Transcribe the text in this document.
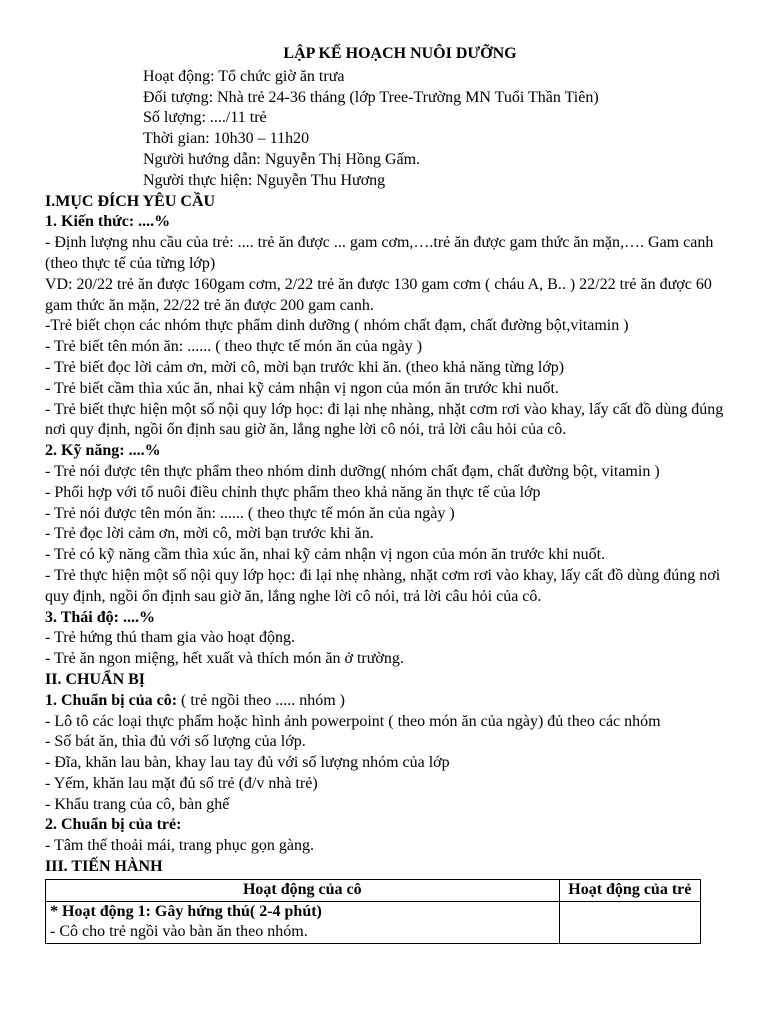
LẬP KẾ HOẠCH NUÔI DƯỠNG
Hoạt động: Tổ chức giờ ăn trưa
Đối tượng: Nhà trẻ 24-36 tháng (lớp Tree-Trường MN Tuổi Thần Tiên)
Số lượng: ..../11 trẻ
Thời gian: 10h30 – 11h20
Người hướng dẫn: Nguyễn Thị Hồng Gấm.
Người thực hiện: Nguyễn Thu Hương
I.MỤC ĐÍCH YÊU CẦU
1. Kiến thức: ....%
- Định lượng nhu cầu của trẻ: .... trẻ ăn được ... gam cơm,….trẻ ăn được gam thức ăn mặn,…. Gam canh (theo thực tế của từng lớp)
VD: 20/22 trẻ ăn được 160gam cơm, 2/22 trẻ ăn được 130 gam cơm ( cháu A, B.. ) 22/22 trẻ ăn được 60 gam thức ăn mặn, 22/22 trẻ ăn được 200 gam canh.
-Trẻ biết chọn các nhóm thực phẩm dinh dưỡng ( nhóm chất đạm, chất đường bột,vitamin )
- Trẻ biết tên món ăn: ...... ( theo thực tế món ăn của ngày )
- Trẻ biết đọc lời cảm ơn, mời cô, mời bạn trước khi ăn. (theo khả năng từng lớp)
- Trẻ biết cầm thìa xúc ăn, nhai kỹ cảm nhận vị ngon của món ăn trước khi nuốt.
- Trẻ biết thực hiện một số nội quy lớp học: đi lại nhẹ nhàng, nhặt cơm rơi vào khay, lấy cất đồ dùng đúng nơi quy định, ngồi ổn định sau giờ ăn, lắng nghe lời cô nói, trả lời câu hỏi của cô.
2. Kỹ năng: ....%
- Trẻ nói được tên thực phẩm theo nhóm dinh dưỡng( nhóm chất đạm, chất đường bột, vitamin )
- Phối hợp với tổ nuôi điều chỉnh thực phẩm theo khả năng ăn thực tế của lớp
- Trẻ nói được tên món ăn: ...... ( theo thực tế món ăn của ngày )
- Trẻ đọc lời cảm ơn, mời cô, mời bạn trước khi ăn.
- Trẻ có kỹ năng cầm thìa xúc ăn, nhai kỹ cảm nhận vị ngon của món ăn trước khi nuốt.
- Trẻ thực hiện một số nội quy lớp học: đi lại nhẹ nhàng, nhặt cơm rơi vào khay, lấy cất đồ dùng đúng nơi quy định, ngồi ổn định sau giờ ăn, lắng nghe lời cô nói, trả lời câu hỏi của cô.
3. Thái độ: ....%
- Trẻ hứng thú tham gia vào hoạt động.
- Trẻ ăn ngon miệng, hết xuất và thích món ăn ở trường.
II. CHUẨN BỊ
1. Chuẩn bị của cô: ( trẻ ngồi theo ..... nhóm )
- Lô tô các loại thực phẩm hoặc hình ảnh powerpoint ( theo món ăn của ngày) đủ theo các nhóm
- Số bát ăn, thìa đủ với số lượng của lớp.
- Đĩa, khăn lau bàn, khay lau tay đủ với số lượng nhóm của lớp
- Yếm, khăn lau mặt đủ số trẻ (đ/v nhà trẻ)
- Khẩu trang của cô, bàn ghế
2. Chuẩn bị của trẻ:
- Tâm thế thoải mái, trang phục gọn gàng.
III. TIẾN HÀNH
Hoạt động của cô	Hoạt động của trẻ

* Hoạt động 1: Gây hứng thú( 2-4 phút)
- Cô cho trẻ ngồi vào bàn ăn theo nhóm.	
